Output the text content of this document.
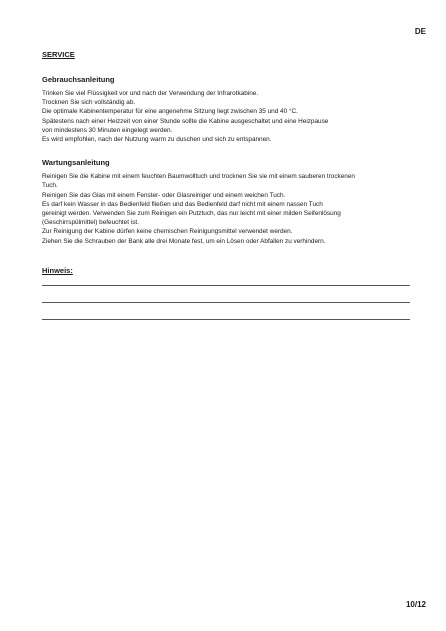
DE
SERVICE
Gebrauchsanleitung
Trinken Sie viel Flüssigkeit vor und nach der Verwendung der Infrarotkabine.
Trocknen Sie sich vollständig ab.
Die optimale Kabinentemperatur für eine angenehme Sitzung liegt zwischen 35 und 40 °C.
Spätestens nach einer Heizzeit von einer Stunde sollte die Kabine ausgeschaltet und eine Heizpause
von mindestens 30 Minuten eingelegt werden.
Es wird empfohlen, nach der Nutzung warm zu duschen und sich zu entspannen.
Wartungsanleitung
Reinigen Sie die Kabine mit einem feuchten Baumwolltuch und trocknen Sie sie mit einem sauberen trockenen
Tuch.
Reinigen Sie das Glas mit einem Fenster- oder Glasreiniger und einem weichen Tuch.
Es darf kein Wasser in das Bedienfeld fließen und das Bedienfeld darf nicht mit einem nassen Tuch
gereinigt werden. Verwenden Sie zum Reinigen ein Putztuch, das nur leicht mit einer milden Seifenlösung
(Geschirrspülmittel) befeuchtet ist.
Zur Reinigung der Kabine dürfen keine chemischen Reinigungsmittel verwendet werden.
Ziehen Sie die Schrauben der Bank alle drei Monate fest, um ein Lösen oder Abfallen zu verhindern.
Hinweis:
10/12
